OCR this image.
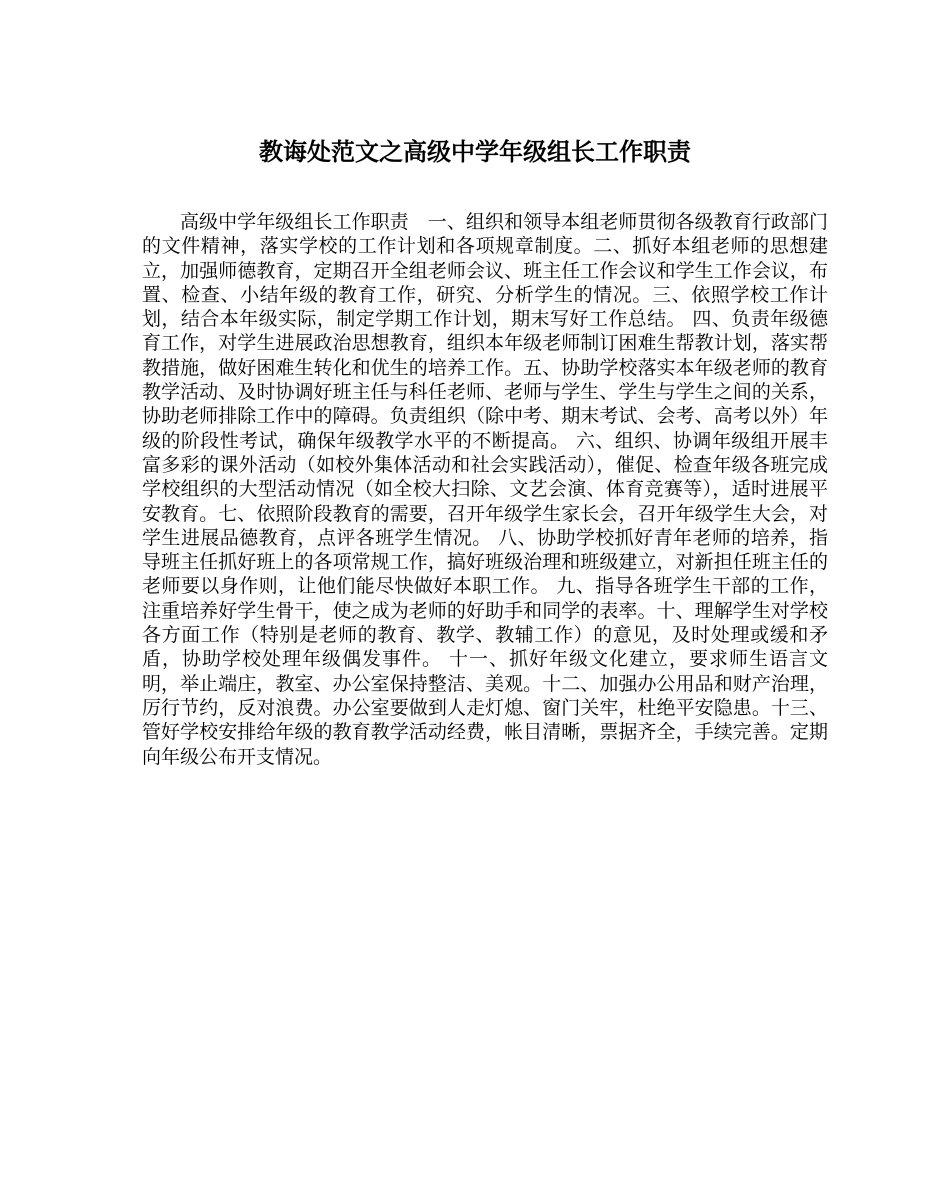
教诲处范文之高级中学年级组长工作职责

高级中学年级组长工作职责　一、组织和领导本组老师贯彻各级教育行政部门的文件精神，落实学校的工作计划和各项规章制度。二、抓好本组老师的思想建立，加强师德教育，定期召开全组老师会议、班主任工作会议和学生工作会议，布置、检查、小结年级的教育工作，研究、分析学生的情况。三、依照学校工作计划，结合本年级实际，制定学期工作计划，期末写好工作总结。 四、负责年级德育工作，对学生进展政治思想教育，组织本年级老师制订困难生帮教计划，落实帮教措施，做好困难生转化和优生的培养工作。五、协助学校落实本年级老师的教育教学活动、及时协调好班主任与科任老师、老师与学生、学生与学生之间的关系，协助老师排除工作中的障碍。负责组织（除中考、期末考试、会考、高考以外）年级的阶段性考试，确保年级教学水平的不断提高。 六、组织、协调年级组开展丰富多彩的课外活动（如校外集体活动和社会实践活动），催促、检查年级各班完成学校组织的大型活动情况（如全校大扫除、文艺会演、体育竞赛等），适时进展平安教育。七、依照阶段教育的需要，召开年级学生家长会，召开年级学生大会，对学生进展品德教育，点评各班学生情况。 八、协助学校抓好青年老师的培养，指导班主任抓好班上的各项常规工作，搞好班级治理和班级建立，对新担任班主任的老师要以身作则，让他们能尽快做好本职工作。 九、指导各班学生干部的工作，注重培养好学生骨干，使之成为老师的好助手和同学的表率。十、理解学生对学校各方面工作（特别是老师的教育、教学、教辅工作）的意见，及时处理或缓和矛盾，协助学校处理年级偶发事件。 十一、抓好年级文化建立，要求师生语言文明，举止端庄，教室、办公室保持整洁、美观。十二、加强办公用品和财产治理，厉行节约，反对浪费。办公室要做到人走灯熄、窗门关牢，杜绝平安隐患。十三、管好学校安排给年级的教育教学活动经费，帐目清晰，票据齐全，手续完善。定期向年级公布开支情况。
